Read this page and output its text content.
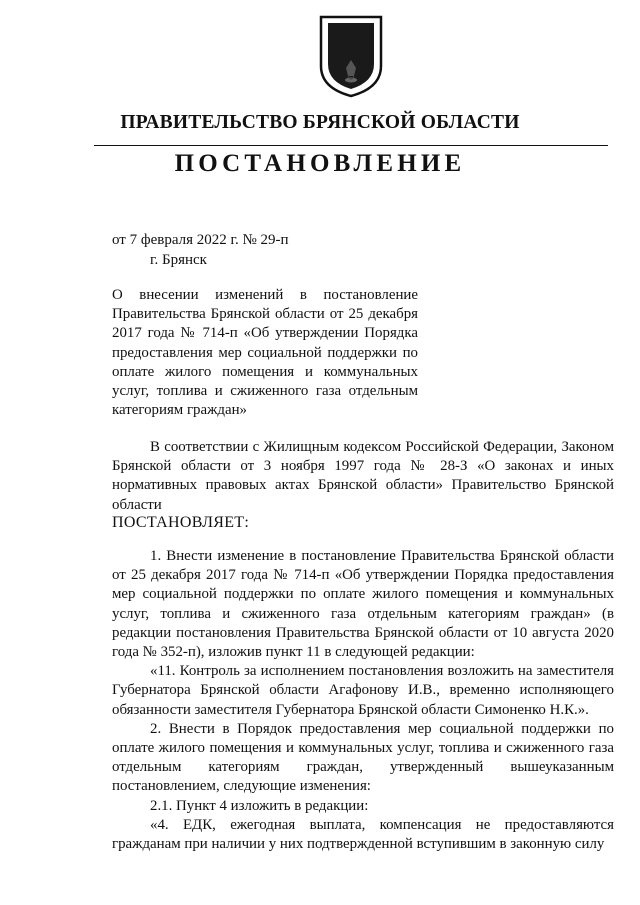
ПРАВИТЕЛЬСТВО БРЯНСКОЙ ОБЛАСТИ
ПОСТАНОВЛЕНИЕ
от 7 февраля 2022 г. № 29-п
г. Брянск

О внесении изменений в постановление Правительства Брянской области от 25 декабря 2017 года № 714-п «Об утверждении Порядка предоставления мер социальной поддержки по оплате жилого помещения и коммунальных услуг, топлива и сжиженного газа отдельным категориям граждан»

В соответствии с Жилищным кодексом Российской Федерации, Законом Брянской области от 3 ноября 1997 года № 28-З «О законах и иных нормативных правовых актах Брянской области» Правительство Брянской области

ПОСТАНОВЛЯЕТ:

1. Внести изменение в постановление Правительства Брянской области от 25 декабря 2017 года № 714-п «Об утверждении Порядка предоставления мер социальной поддержки по оплате жилого помещения и коммунальных услуг, топлива и сжиженного газа отдельным категориям граждан» (в редакции постановления Правительства Брянской области от 10 августа 2020 года № 352-п), изложив пункт 11 в следующей редакции:

«11. Контроль за исполнением постановления возложить на заместителя Губернатора Брянской области Агафонову И.В., временно исполняющего обязанности заместителя Губернатора Брянской области Симоненко Н.К.».

2. Внести в Порядок предоставления мер социальной поддержки по оплате жилого помещения и коммунальных услуг, топлива и сжиженного газа отдельным категориям граждан, утвержденный вышеуказанным постановлением, следующие изменения:

2.1. Пункт 4 изложить в редакции:

«4. ЕДК, ежегодная выплата, компенсация не предоставляются гражданам при наличии у них подтвержденной вступившим в законную силу
